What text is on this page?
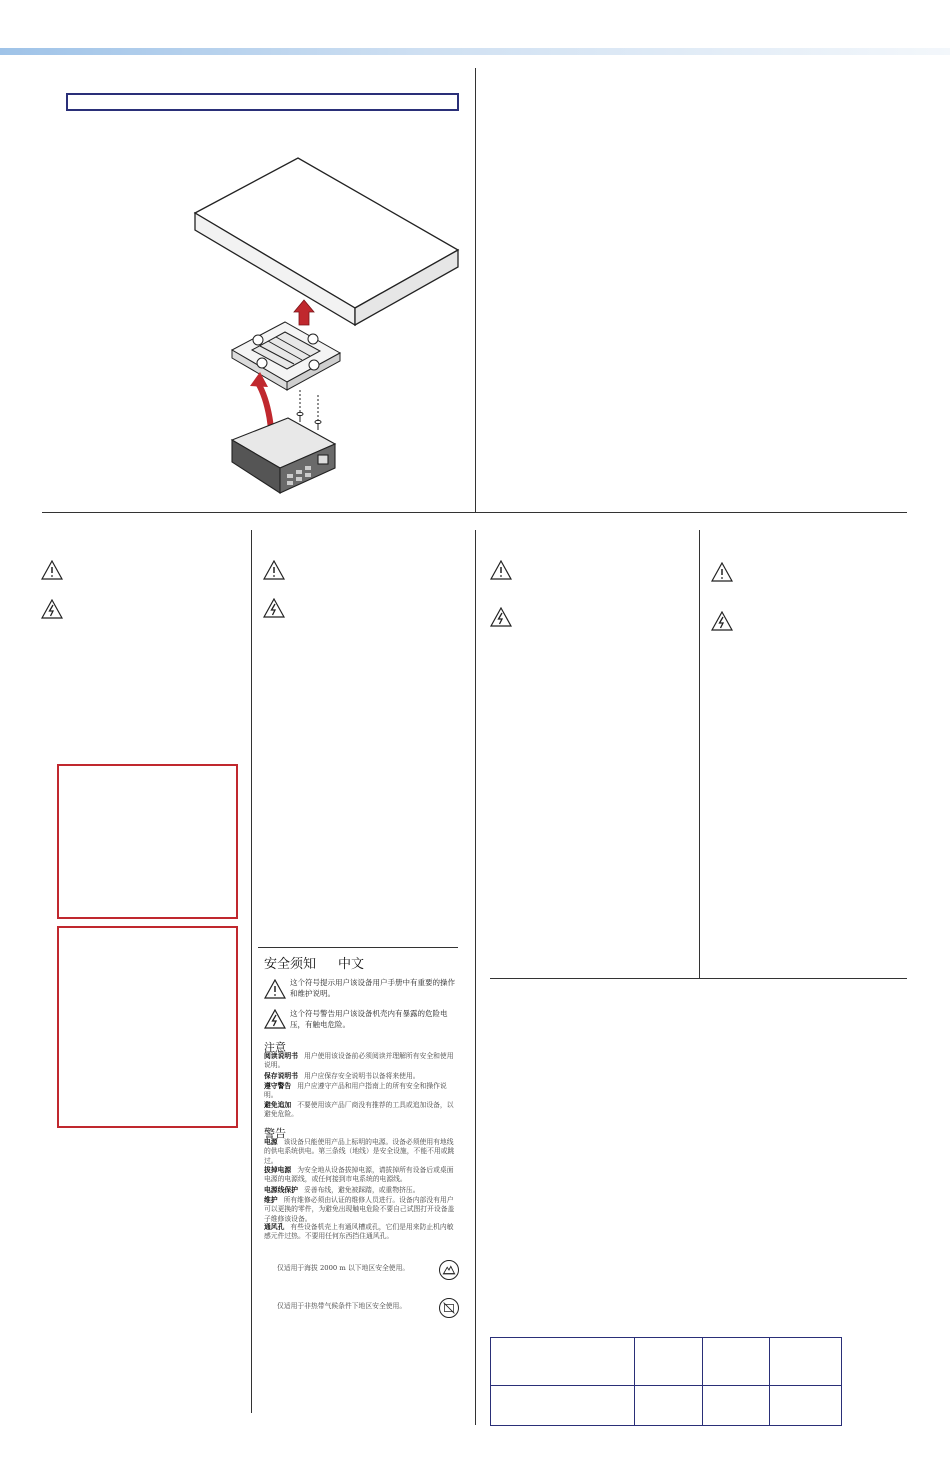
安全须知 中文
这个符号提示用户该设备用户手册中有重要的操作和维护说明。
这个符号警告用户该设备机壳内有暴露的危险电压，有触电危险。
注意
阅读说明书 用户使用该设备前必须阅读并理解所有安全和使用说明。
保存说明书 用户应保存安全说明书以备将来使用。
遵守警告 用户应遵守产品和用户指南上的所有安全和操作说明。
避免追加 不要使用该产品厂商没有推荐的工具或追加设备，以避免危险。
警告
电源 该设备只能使用产品上标明的电源。设备必须使用有地线的供电系统供电。第三条线（地线）是安全设施，不能不用或跳过。
拔掉电源 为安全地从设备拔掉电源，请拔掉所有设备后或桌面电源的电源线，或任何接到市电系统的电源线。
电源线保护 妥善布线，避免被踩踏，或重物挤压。
维护 所有维修必须由认证的维修人员进行。设备内部没有用户可以更换的零件，为避免出现触电危险不要自己试图打开设备盖子维修该设备。
通风孔 有些设备机壳上有通风槽或孔，它们是用来防止机内敏感元件过热。不要用任何东西挡住通风孔。
仅适用于海拔 2000 m 以下地区安全使用。
仅适用于非热带气候条件下地区安全使用。
